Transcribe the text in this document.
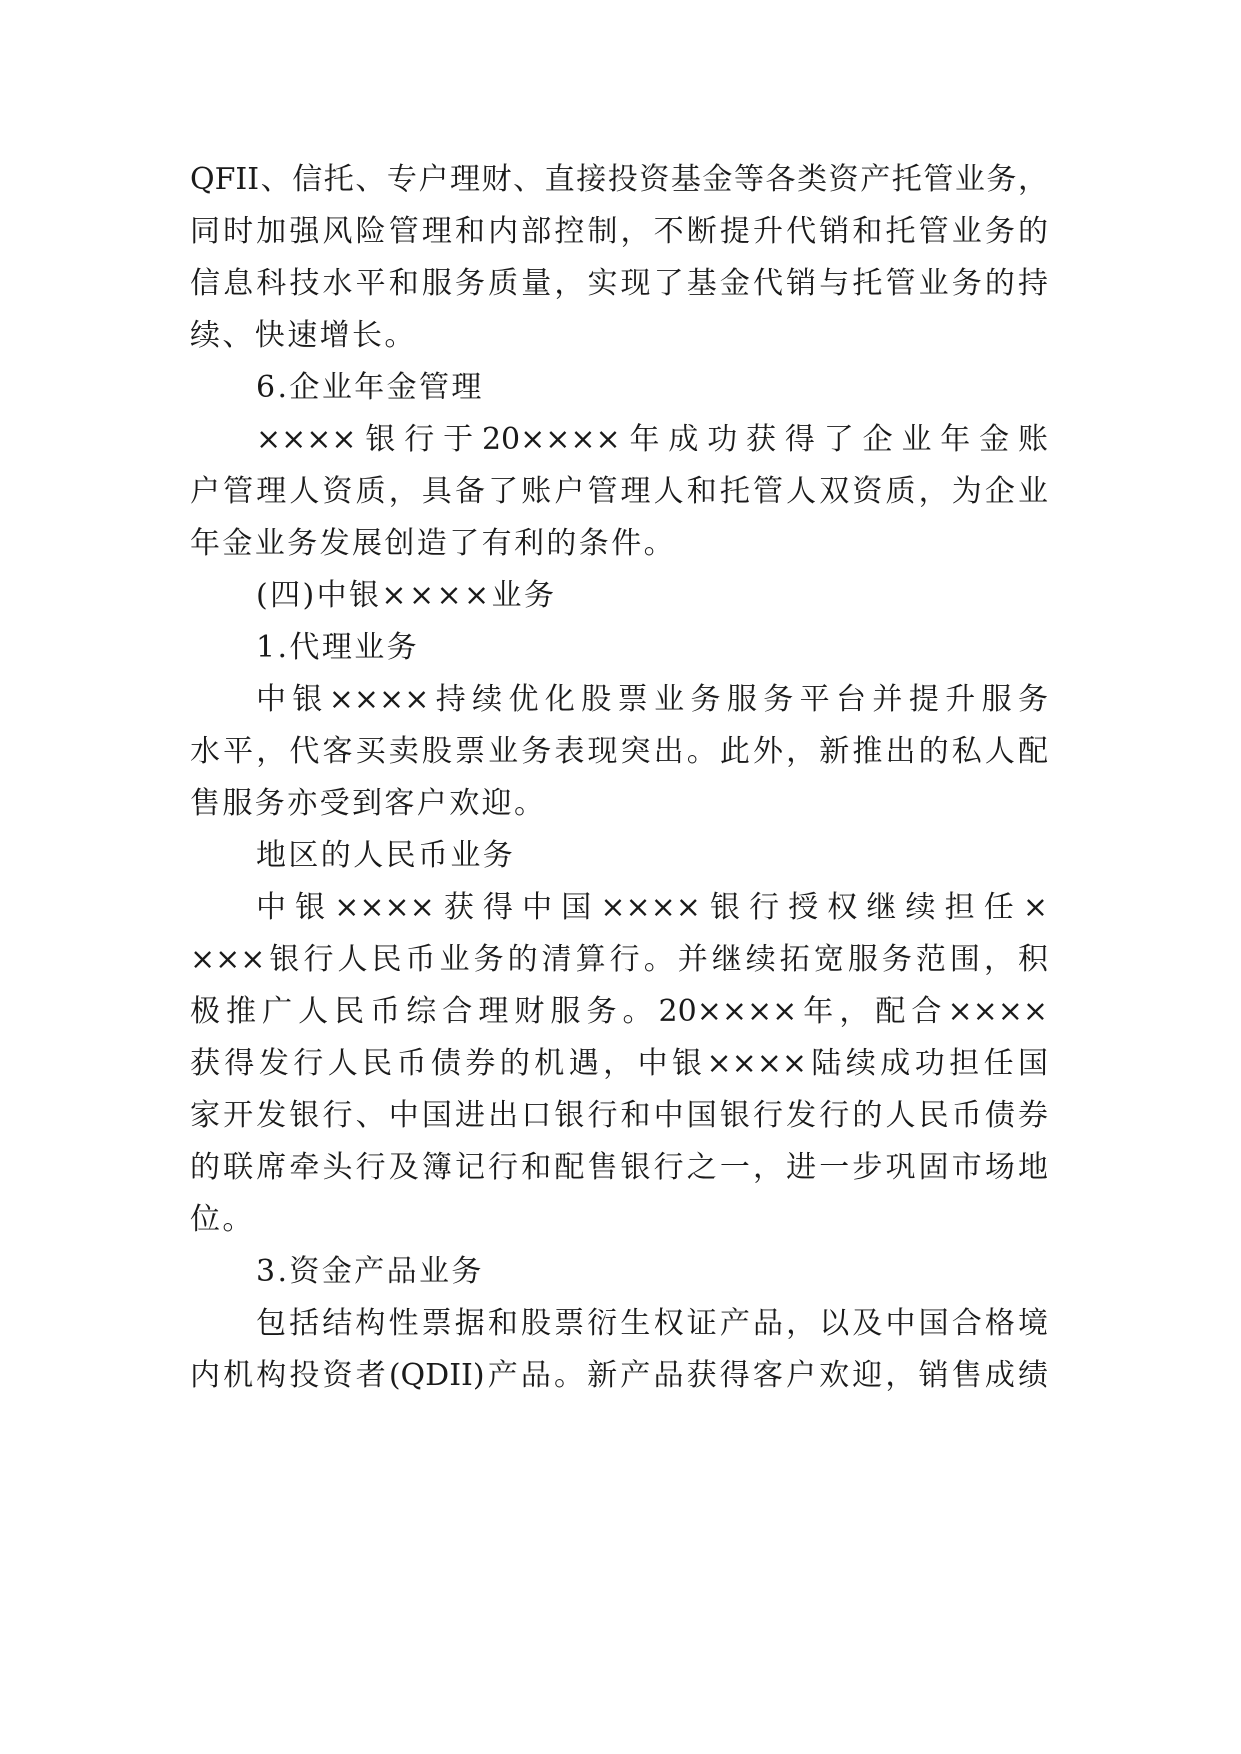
QFII、信托、专户理财、直接投资基金等各类资产托管业务，
同时加强风险管理和内部控制，不断提升代销和托管业务的
信息科技水平和服务质量，实现了基金代销与托管业务的持
续、快速增长。
6.企业年金管理
××××银行于20××××年成功获得了企业年金账
户管理人资质，具备了账户管理人和托管人双资质，为企业
年金业务发展创造了有利的条件。
(四)中银××××业务
1.代理业务
中银××××持续优化股票业务服务平台并提升服务
水平，代客买卖股票业务表现突出。此外，新推出的私人配
售服务亦受到客户欢迎。
地区的人民币业务
中银××××获得中国××××银行授权继续担任×
×××银行人民币业务的清算行。并继续拓宽服务范围，积
极推广人民币综合理财服务。20××××年，配合××××
获得发行人民币债券的机遇，中银××××陆续成功担任国
家开发银行、中国进出口银行和中国银行发行的人民币债券
的联席牵头行及簿记行和配售银行之一，进一步巩固市场地
位。
3.资金产品业务
包括结构性票据和股票衍生权证产品，以及中国合格境
内机构投资者(QDII)产品。新产品获得客户欢迎，销售成绩
